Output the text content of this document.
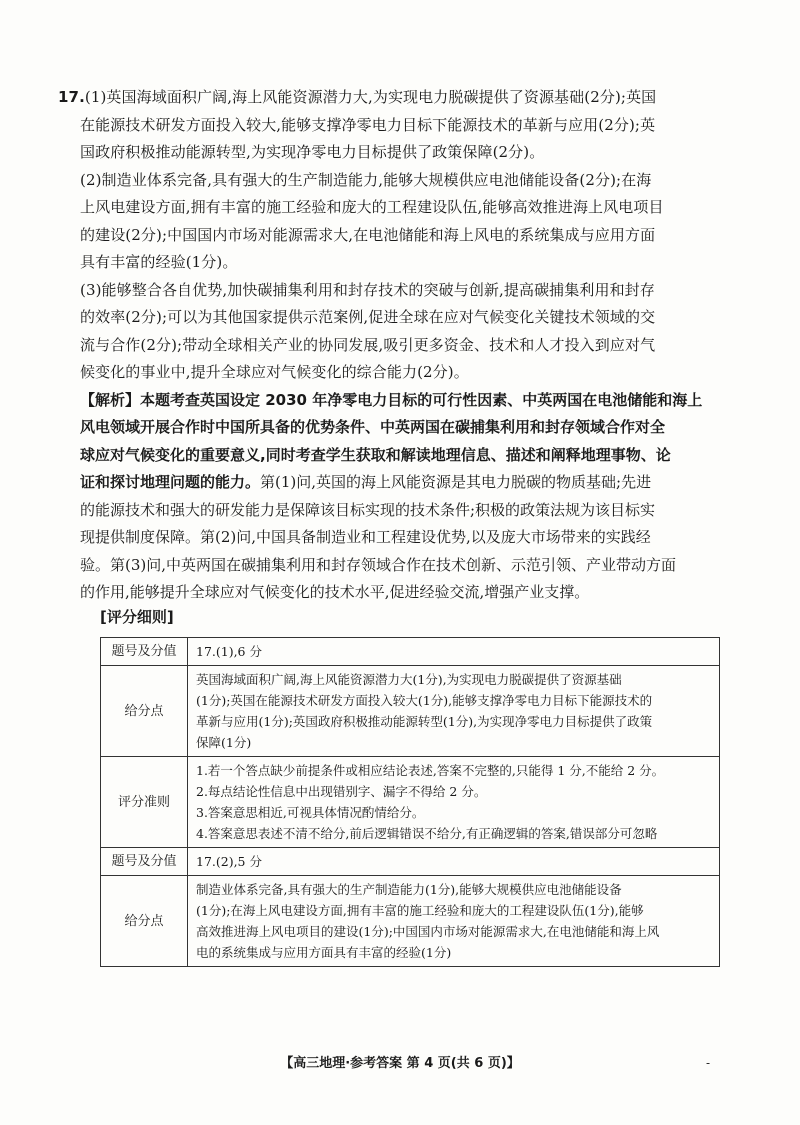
17.(1)英国海域面积广阔,海上风能资源潜力大,为实现电力脱碳提供了资源基础(2分);英国

在能源技术研发方面投入较大,能够支撑净零电力目标下能源技术的革新与应用(2分);英

国政府积极推动能源转型,为实现净零电力目标提供了政策保障(2分)。

(2)制造业体系完备,具有强大的生产制造能力,能够大规模供应电池储能设备(2分);在海

上风电建设方面,拥有丰富的施工经验和庞大的工程建设队伍,能够高效推进海上风电项目

的建设(2分);中国国内市场对能源需求大,在电池储能和海上风电的系统集成与应用方面

具有丰富的经验(1分)。

(3)能够整合各自优势,加快碳捕集利用和封存技术的突破与创新,提高碳捕集利用和封存

的效率(2分);可以为其他国家提供示范案例,促进全球在应对气候变化关键技术领域的交

流与合作(2分);带动全球相关产业的协同发展,吸引更多资金、技术和人才投入到应对气

候变化的事业中,提升全球应对气候变化的综合能力(2分)。

【解析】本题考查英国设定 2030 年净零电力目标的可行性因素、中英两国在电池储能和海上

风电领域开展合作时中国所具备的优势条件、中英两国在碳捕集利用和封存领域合作对全

球应对气候变化的重要意义,同时考查学生获取和解读地理信息、描述和阐释地理事物、论

证和探讨地理问题的能力。第(1)问,英国的海上风能资源是其电力脱碳的物质基础;先进

的能源技术和强大的研发能力是保障该目标实现的技术条件;积极的政策法规为该目标实

现提供制度保障。第(2)问,中国具备制造业和工程建设优势,以及庞大市场带来的实践经

验。第(3)问,中英两国在碳捕集利用和封存领域合作在技术创新、示范引领、产业带动方面

的作用,能够提升全球应对气候变化的技术水平,促进经验交流,增强产业支撑。

[评分细则]
题号及分值	17.(1),6 分
给分点	英国海域面积广阔,海上风能资源潜力大(1分),为实现电力脱碳提供了资源基础
(1分);英国在能源技术研发方面投入较大(1分),能够支撑净零电力目标下能源技术的
革新与应用(1分);英国政府积极推动能源转型(1分),为实现净零电力目标提供了政策
保障(1分)

评分准则	1.若一个答点缺少前提条件或相应结论表述,答案不完整的,只能得 1 分,不能给 2 分。
2.每点结论性信息中出现错别字、漏字不得给 2 分。
3.答案意思相近,可视具体情况酌情给分。
4.答案意思表述不清不给分,前后逻辑错误不给分,有正确逻辑的答案,错误部分可忽略

题号及分值	17.(2),5 分
给分点	制造业体系完备,具有强大的生产制造能力(1分),能够大规模供应电池储能设备
(1分);在海上风电建设方面,拥有丰富的施工经验和庞大的工程建设队伍(1分),能够
高效推进海上风电项目的建设(1分);中国国内市场对能源需求大,在电池储能和海上风
电的系统集成与应用方面具有丰富的经验(1分)
【高三地理·参考答案 第 4 页(共 6 页)】	-
